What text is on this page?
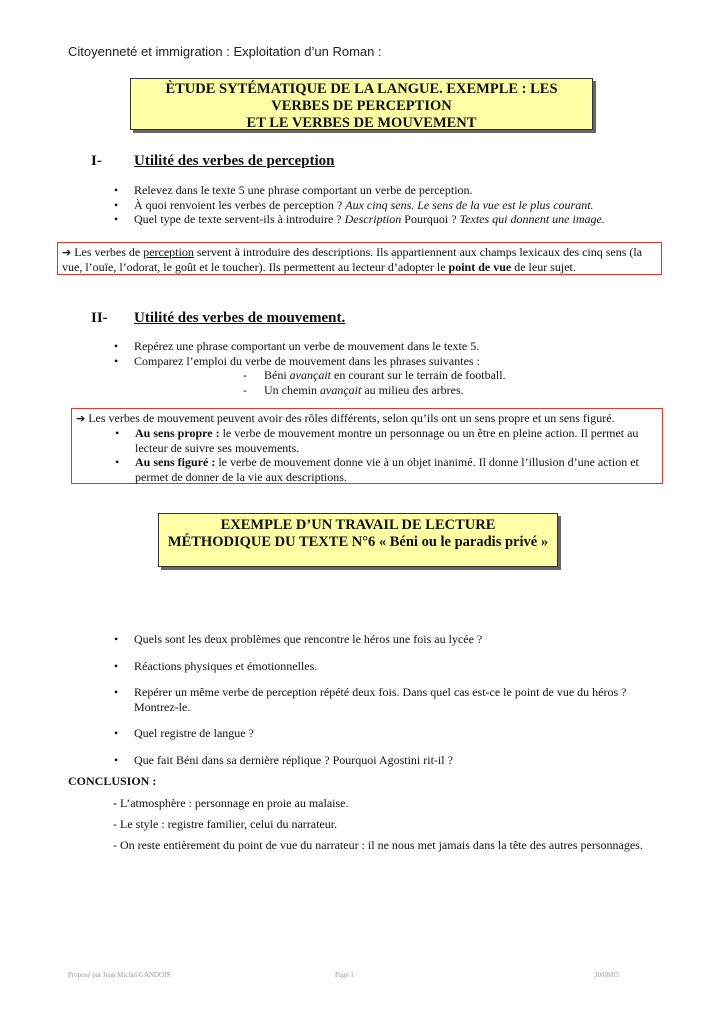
Citoyenneté et immigration : Exploitation d’un Roman :
ÈTUDE SYTÉMATIQUE DE LA LANGUE. EXEMPLE : LES
VERBES DE PERCEPTION
ET LE VERBES DE MOUVEMENT
I- Utilité des verbes de perception
• Relevez dans le texte 5 une phrase comportant un verbe de perception.
• À quoi renvoient les verbes de perception ? Aux cinq sens. Le sens de la vue est le plus courant.
• Quel type de texte servent-ils à introduire ? Description Pourquoi ? Textes qui donnent une image.
➔ Les verbes de perception servent à introduire des descriptions. Ils appartiennent aux champs lexicaux des cinq sens (la vue, l’ouïe, l’odorat, le goût et le toucher). Ils permettent au lecteur d’adopter le point de vue de leur sujet.
II- Utilité des verbes de mouvement.
• Repérez une phrase comportant un verbe de mouvement dans le texte 5.
• Comparez l’emploi du verbe de mouvement dans les phrases suivantes :
- Béni avançait en courant sur le terrain de football.
- Un chemin avançait au milieu des arbres.
➔ Les verbes de mouvement peuvent avoir des rôles différents, selon qu’ils ont un sens propre et un sens figuré.
• Au sens propre : le verbe de mouvement montre un personnage ou un être en pleine action. Il permet au lecteur de suivre ses mouvements.
• Au sens figuré : le verbe de mouvement donne vie à un objet inanimé. Il donne l’illusion d’une action et permet de donner de la vie aux descriptions.
EXEMPLE D’UN TRAVAIL DE LECTURE
MÉTHODIQUE DU TEXTE N°6 « Béni ou le paradis privé »
• Quels sont les deux problèmes que rencontre le héros une fois au lycée ?
• Réactions physiques et émotionnelles.
• Repérer un même verbe de perception répété deux fois. Dans quel cas est-ce le point de vue du héros ? Montrez-le.
• Quel registre de langue ?
• Que fait Béni dans sa dernière réplique ? Pourquoi Agostini rit-il ?
CONCLUSION :
- L’atmosphère : personnage en proie au malaise.
- Le style : registre familier, celui du narrateur.
- On reste entièrement du point de vue du narrateur : il ne nous met jamais dans la tête des autres personnages.
Proposé par Jean Michel GANDOIS	Page 1	30/08/05
